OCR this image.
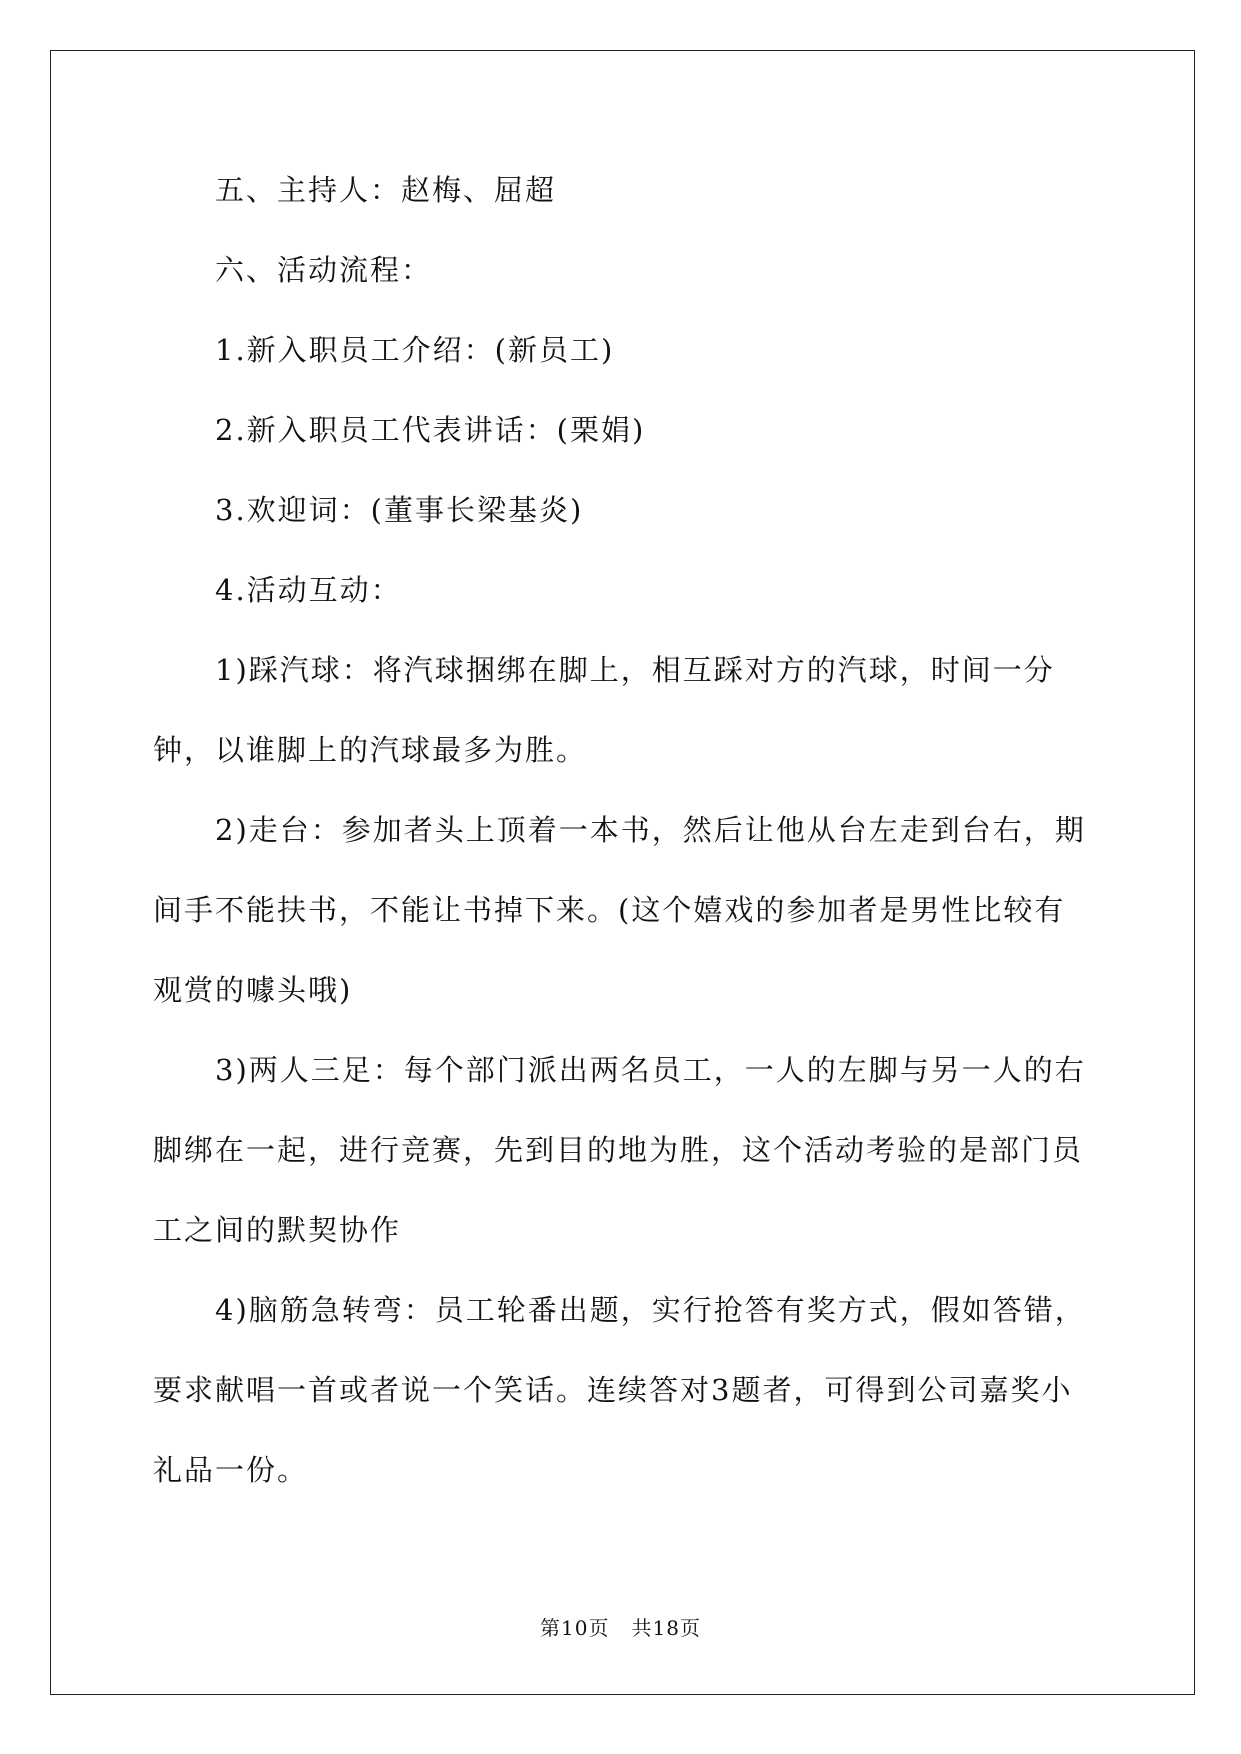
五、主持人：赵梅、屈超

六、活动流程：

1.新入职员工介绍：(新员工)

2.新入职员工代表讲话：(栗娟)

3.欢迎词：(董事长梁基炎)

4.活动互动：

1)踩汽球：将汽球捆绑在脚上，相互踩对方的汽球，时间一分钟，以谁脚上的汽球最多为胜。

2)走台：参加者头上顶着一本书，然后让他从台左走到台右，期间手不能扶书，不能让书掉下来。(这个嬉戏的参加者是男性比较有观赏的噱头哦)

3)两人三足：每个部门派出两名员工，一人的左脚与另一人的右脚绑在一起，进行竞赛，先到目的地为胜，这个活动考验的是部门员工之间的默契协作

4)脑筋急转弯：员工轮番出题，实行抢答有奖方式，假如答错，要求献唱一首或者说一个笑话。连续答对3题者，可得到公司嘉奖小礼品一份。

第10页 共18页
